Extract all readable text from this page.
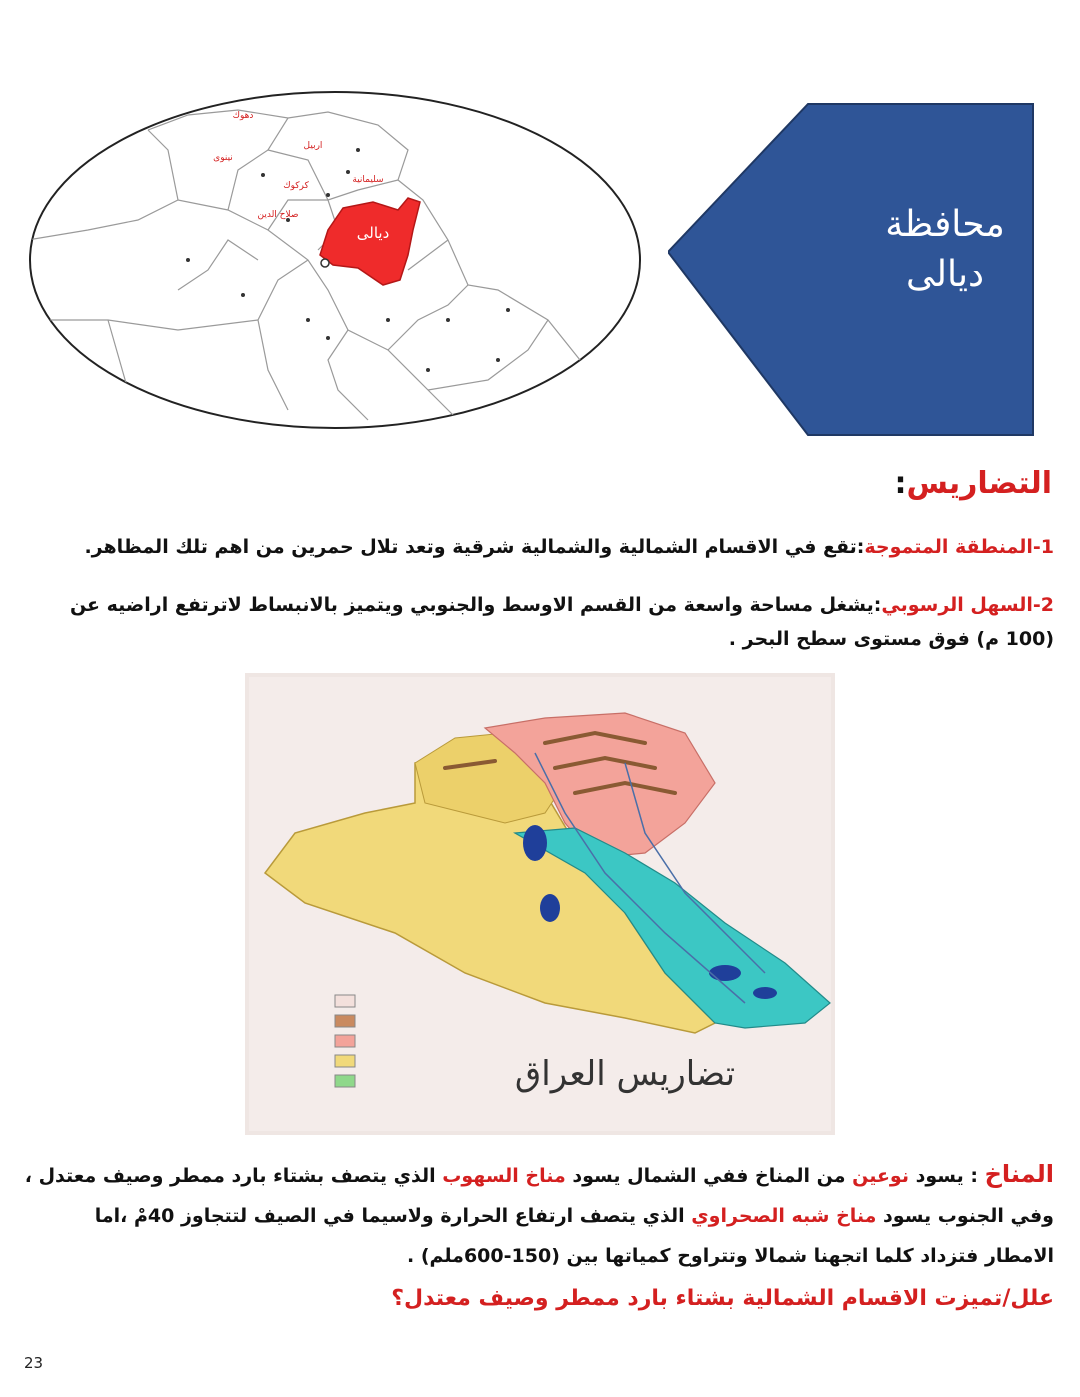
ديالى
دهوك
اربيل
نينوى
كركوك
سليمانية
صلاح الدين	محافظة
ديالى
التضاريس:
1-المنطقة المتموجة:تقع في الاقسام الشمالية والشمالية شرقية وتعد تلال حمرين من اهم تلك المظاهر.
2-السهل الرسوبي:يشغل مساحة واسعة من القسم الاوسط والجنوبي ويتميز بالانبساط لاترتفع اراضيه عن (100 م) فوق مستوى سطح البحر .
تضاريس العراق
المناخ : يسود نوعين من المناخ ففي الشمال يسود مناخ السهوب الذي يتصف بشتاء بارد ممطر وصيف معتدل ، وفي الجنوب يسود مناخ شبه الصحراوي الذي يتصف ارتفاع الحرارة ولاسيما في الصيف لتتجاوز 40مْ ،اما الامطار فتزداد كلما اتجهنا شمالا وتتراوح كمياتها بين (150-600ملم) .
علل/تميزت الاقسام الشمالية بشتاء بارد ممطر وصيف معتدل؟
23
